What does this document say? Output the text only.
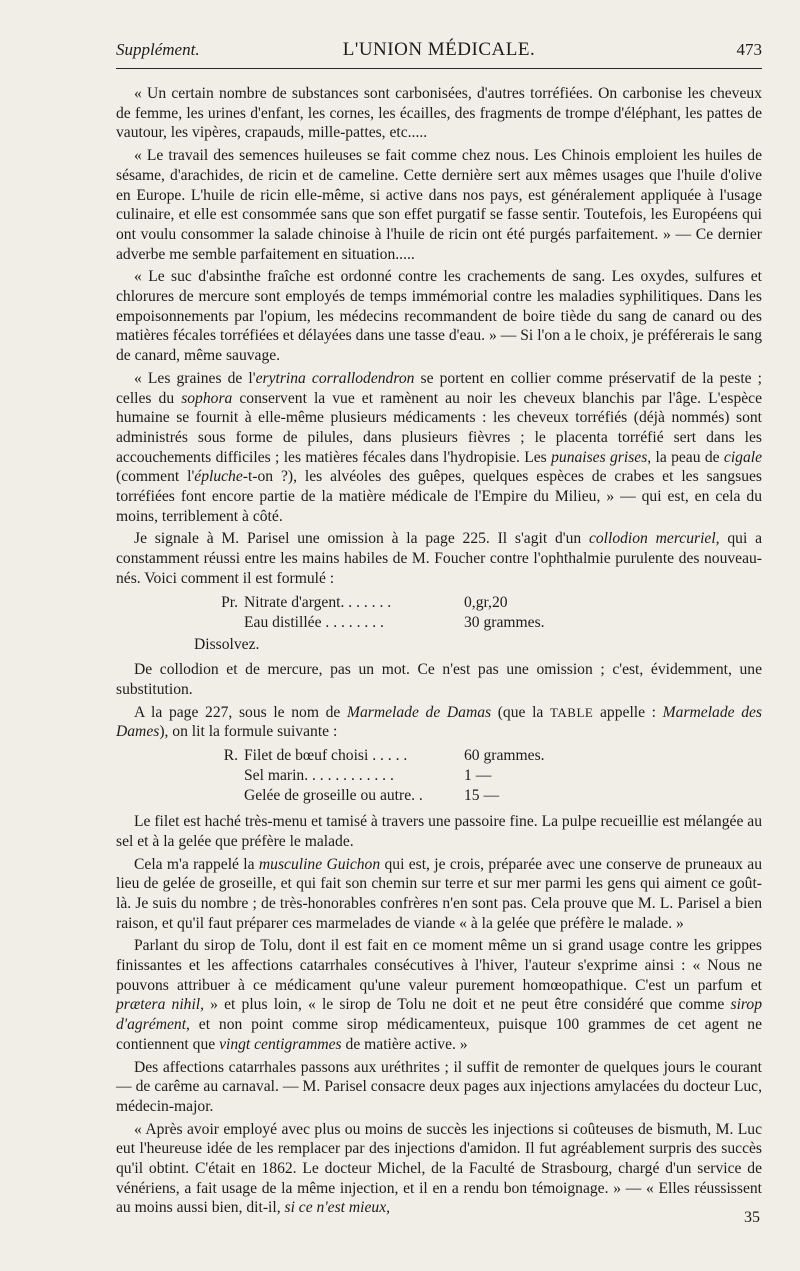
Supplément.	L'UNION MÉDICALE.	473

« Un certain nombre de substances sont carbonisées, d'autres torréfiées. On carbonise les cheveux de femme, les urines d'enfant, les cornes, les écailles, des fragments de trompe d'éléphant, les pattes de vautour, les vipères, crapauds, mille-pattes, etc.....

« Le travail des semences huileuses se fait comme chez nous. Les Chinois emploient les huiles de sésame, d'arachides, de ricin et de cameline. Cette dernière sert aux mêmes usages que l'huile d'olive en Europe. L'huile de ricin elle-même, si active dans nos pays, est généralement appliquée à l'usage culinaire, et elle est consommée sans que son effet purgatif se fasse sentir. Toutefois, les Européens qui ont voulu consommer la salade chinoise à l'huile de ricin ont été purgés parfaitement. » — Ce dernier adverbe me semble parfaitement en situation.....

« Le suc d'absinthe fraîche est ordonné contre les crachements de sang. Les oxydes, sulfures et chlorures de mercure sont employés de temps immémorial contre les maladies syphilitiques. Dans les empoisonnements par l'opium, les médecins recommandent de boire tiède du sang de canard ou des matières fécales torréfiées et délayées dans une tasse d'eau. » — Si l'on a le choix, je préférerais le sang de canard, même sauvage.

« Les graines de l'erytrina corrallodendron se portent en collier comme préservatif de la peste ; celles du sophora conservent la vue et ramènent au noir les cheveux blanchis par l'âge. L'espèce humaine se fournit à elle-même plusieurs médicaments : les cheveux torréfiés (déjà nommés) sont administrés sous forme de pilules, dans plusieurs fièvres ; le placenta torréfié sert dans les accouchements difficiles ; les matières fécales dans l'hydropisie. Les punaises grises, la peau de cigale (comment l'épluche-t-on ?), les alvéoles des guêpes, quelques espèces de crabes et les sangsues torréfiées font encore partie de la matière médicale de l'Empire du Milieu, » — qui est, en cela du moins, terriblement à côté.

Je signale à M. Parisel une omission à la page 225. Il s'agit d'un collodion mercuriel, qui a constamment réussi entre les mains habiles de M. Foucher contre l'ophthalmie purulente des nouveau-nés. Voici comment il est formulé :

Pr. Nitrate d'argent. . . . . . .	0,gr,20
Eau distillée . . . . . . . .	30 grammes.
Dissolvez.

De collodion et de mercure, pas un mot. Ce n'est pas une omission ; c'est, évidemment, une substitution.

A la page 227, sous le nom de Marmelade de Damas (que la TABLE appelle : Marmelade des Dames), on lit la formule suivante :

R. Filet de bœuf choisi . . . . .	60 grammes.
Sel marin. . . . . . . . . . . .	1 —
Gelée de groseille ou autre. .	15 —

Le filet est haché très-menu et tamisé à travers une passoire fine. La pulpe recueillie est mélangée au sel et à la gelée que préfère le malade.

Cela m'a rappelé la musculine Guichon qui est, je crois, préparée avec une conserve de pruneaux au lieu de gelée de groseille, et qui fait son chemin sur terre et sur mer parmi les gens qui aiment ce goût-là. Je suis du nombre ; de très-honorables confrères n'en sont pas. Cela prouve que M. L. Parisel a bien raison, et qu'il faut préparer ces marmelades de viande « à la gelée que préfère le malade. »

Parlant du sirop de Tolu, dont il est fait en ce moment même un si grand usage contre les grippes finissantes et les affections catarrhales consécutives à l'hiver, l'auteur s'exprime ainsi : « Nous ne pouvons attribuer à ce médicament qu'une valeur purement homœopathique. C'est un parfum et prætera nihil, » et plus loin, « le sirop de Tolu ne doit et ne peut être considéré que comme sirop d'agrément, et non point comme sirop médicamenteux, puisque 100 grammes de cet agent ne contiennent que vingt centigrammes de matière active. »

Des affections catarrhales passons aux uréthrites ; il suffit de remonter de quelques jours le courant — de carême au carnaval. — M. Parisel consacre deux pages aux injections amylacées du docteur Luc, médecin-major.

« Après avoir employé avec plus ou moins de succès les injections si coûteuses de bismuth, M. Luc eut l'heureuse idée de les remplacer par des injections d'amidon. Il fut agréablement surpris des succès qu'il obtint. C'était en 1862. Le docteur Michel, de la Faculté de Strasbourg, chargé d'un service de vénériens, a fait usage de la même injection, et il en a rendu bon témoignage. » — « Elles réussissent au moins aussi bien, dit-il, si ce n'est mieux,

35
